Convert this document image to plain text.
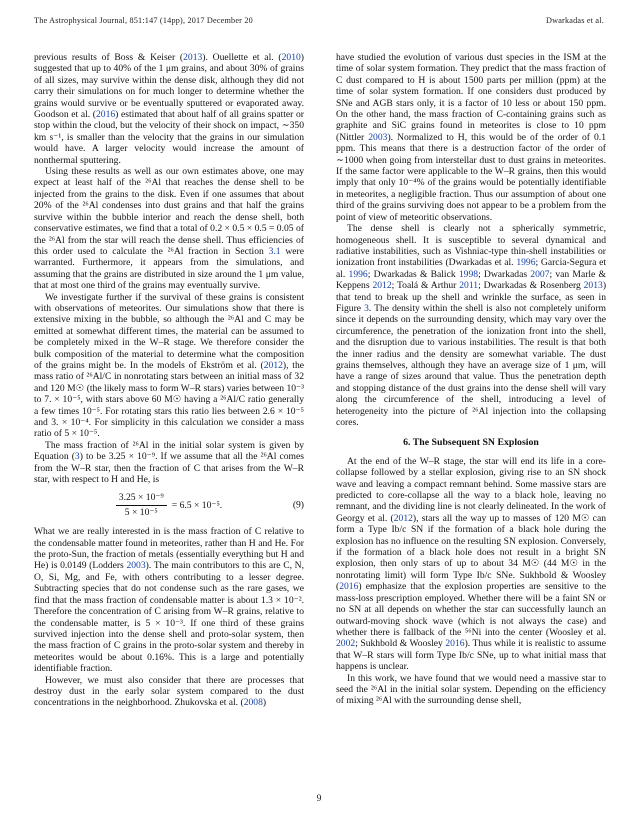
The Astrophysical Journal, 851:147 (14pp), 2017 December 20	Dwarkadas et al.

previous results of Boss & Keiser (2013). Ouellette et al. (2010) suggested that up to 40% of the 1 μm grains, and about 30% of grains of all sizes, may survive within the dense disk, although they did not carry their simulations on for much longer to determine whether the grains would survive or be eventually sputtered or evaporated away. Goodson et al. (2016) estimated that about half of all grains spatter or stop within the cloud, but the velocity of their shock on impact, ∼350 km s⁻¹, is smaller than the velocity that the grains in our simulation would have. A larger velocity would increase the amount of nonthermal sputtering.

Using these results as well as our own estimates above, one may expect at least half of the ²⁶Al that reaches the dense shell to be injected from the grains to the disk. Even if one assumes that about 20% of the ²⁶Al condenses into dust grains and that half the grains survive within the bubble interior and reach the dense shell, both conservative estimates, we find that a total of 0.2 × 0.5 × 0.5 = 0.05 of the ²⁶Al from the star will reach the dense shell. Thus efficiencies of this order used to calculate the ²⁶Al fraction in Section 3.1 were warranted. Furthermore, it appears from the simulations, and assuming that the grains are distributed in size around the 1 μm value, that at most one third of the grains may eventually survive.

We investigate further if the survival of these grains is consistent with observations of meteorites. Our simulations show that there is extensive mixing in the bubble, so although the ²⁶Al and C may be emitted at somewhat different times, the material can be assumed to be completely mixed in the W–R stage. We therefore consider the bulk composition of the material to determine what the composition of the grains might be. In the models of Ekström et al. (2012), the mass ratio of ²⁶Al/C in nonrotating stars between an initial mass of 32 and 120 M☉ (the likely mass to form W–R stars) varies between 10⁻³ to 7. × 10⁻⁵, with stars above 60 M☉ having a ²⁶Al/C ratio generally a few times 10⁻⁵. For rotating stars this ratio lies between 2.6 × 10⁻⁵ and 3. × 10⁻⁴. For simplicity in this calculation we consider a mass ratio of 5 × 10⁻⁵.

The mass fraction of ²⁶Al in the initial solar system is given by Equation (3) to be 3.25 × 10⁻⁹. If we assume that all the ²⁶Al comes from the W–R star, then the fraction of C that arises from the W–R star, with respect to H and He, is

$\frac{\text{3.25 × 10⁻⁹}}{\text{5 × 10⁻⁵}} = 6.5 \times 10^{-5}$.	(9)

What we are really interested in is the mass fraction of C relative to the condensable matter found in meteorites, rather than H and He. For the proto-Sun, the fraction of metals (essentially everything but H and He) is 0.0149 (Lodders 2003). The main contributors to this are C, N, O, Si, Mg, and Fe, with others contributing to a lesser degree. Subtracting species that do not condense such as the rare gases, we find that the mass fraction of condensable matter is about 1.3 × 10⁻². Therefore the concentration of C arising from W–R grains, relative to the condensable matter, is 5 × 10⁻³. If one third of these grains survived injection into the dense shell and proto-solar system, then the mass fraction of C grains in the proto-solar system and thereby in meteorites would be about 0.16%. This is a large and potentially identifiable fraction.

However, we must also consider that there are processes that destroy dust in the early solar system compared to the dust concentrations in the neighborhood. Zhukovska et al. (2008)

have studied the evolution of various dust species in the ISM at the time of solar system formation. They predict that the mass fraction of C dust compared to H is about 1500 parts per million (ppm) at the time of solar system formation. If one considers dust produced by SNe and AGB stars only, it is a factor of 10 less or about 150 ppm. On the other hand, the mass fraction of C-containing grains such as graphite and SiC grains found in meteorites is close to 10 ppm (Nittler 2003). Normalized to H, this would be of the order of 0.1 ppm. This means that there is a destruction factor of the order of ∼1000 when going from interstellar dust to dust grains in meteorites. If the same factor were applicable to the W–R grains, then this would imply that only 10⁻⁴% of the grains would be potentially identifiable in meteorites, a negligible fraction. Thus our assumption of about one third of the grains surviving does not appear to be a problem from the point of view of meteoritic observations.

The dense shell is clearly not a spherically symmetric, homogeneous shell. It is susceptible to several dynamical and radiative instabilities, such as Vishniac-type thin-shell instabilities or ionization front instabilities (Dwarkadas et al. 1996; Garcia-Segura et al. 1996; Dwarkadas & Balick 1998; Dwarkadas 2007; van Marle & Keppens 2012; Toalá & Arthur 2011; Dwarkadas & Rosenberg 2013) that tend to break up the shell and wrinkle the surface, as seen in Figure 3. The density within the shell is also not completely uniform since it depends on the surrounding density, which may vary over the circumference, the penetration of the ionization front into the shell, and the disruption due to various instabilities. The result is that both the inner radius and the density are somewhat variable. The dust grains themselves, although they have an average size of 1 μm, will have a range of sizes around that value. Thus the penetration depth and stopping distance of the dust grains into the dense shell will vary along the circumference of the shell, introducing a level of heterogeneity into the picture of ²⁶Al injection into the collapsing cores.

6. The Subsequent SN Explosion

At the end of the W–R stage, the star will end its life in a core-collapse followed by a stellar explosion, giving rise to an SN shock wave and leaving a compact remnant behind. Some massive stars are predicted to core-collapse all the way to a black hole, leaving no remnant, and the dividing line is not clearly delineated. In the work of Georgy et al. (2012), stars all the way up to masses of 120 M☉ can form a Type Ib/c SN if the formation of a black hole during the explosion has no influence on the resulting SN explosion. Conversely, if the formation of a black hole does not result in a bright SN explosion, then only stars of up to about 34 M☉ (44 M☉ in the nonrotating limit) will form Type Ib/c SNe. Sukhbold & Woosley (2016) emphasize that the explosion properties are sensitive to the mass-loss prescription employed. Whether there will be a faint SN or no SN at all depends on whether the star can successfully launch an outward-moving shock wave (which is not always the case) and whether there is fallback of the ⁵⁶Ni into the center (Woosley et al. 2002; Sukhbold & Woosley 2016). Thus while it is realistic to assume that W–R stars will form Type Ib/c SNe, up to what initial mass that happens is unclear.

In this work, we have found that we would need a massive star to seed the ²⁶Al in the initial solar system. Depending on the efficiency of mixing ²⁶Al with the surrounding dense shell,

9
